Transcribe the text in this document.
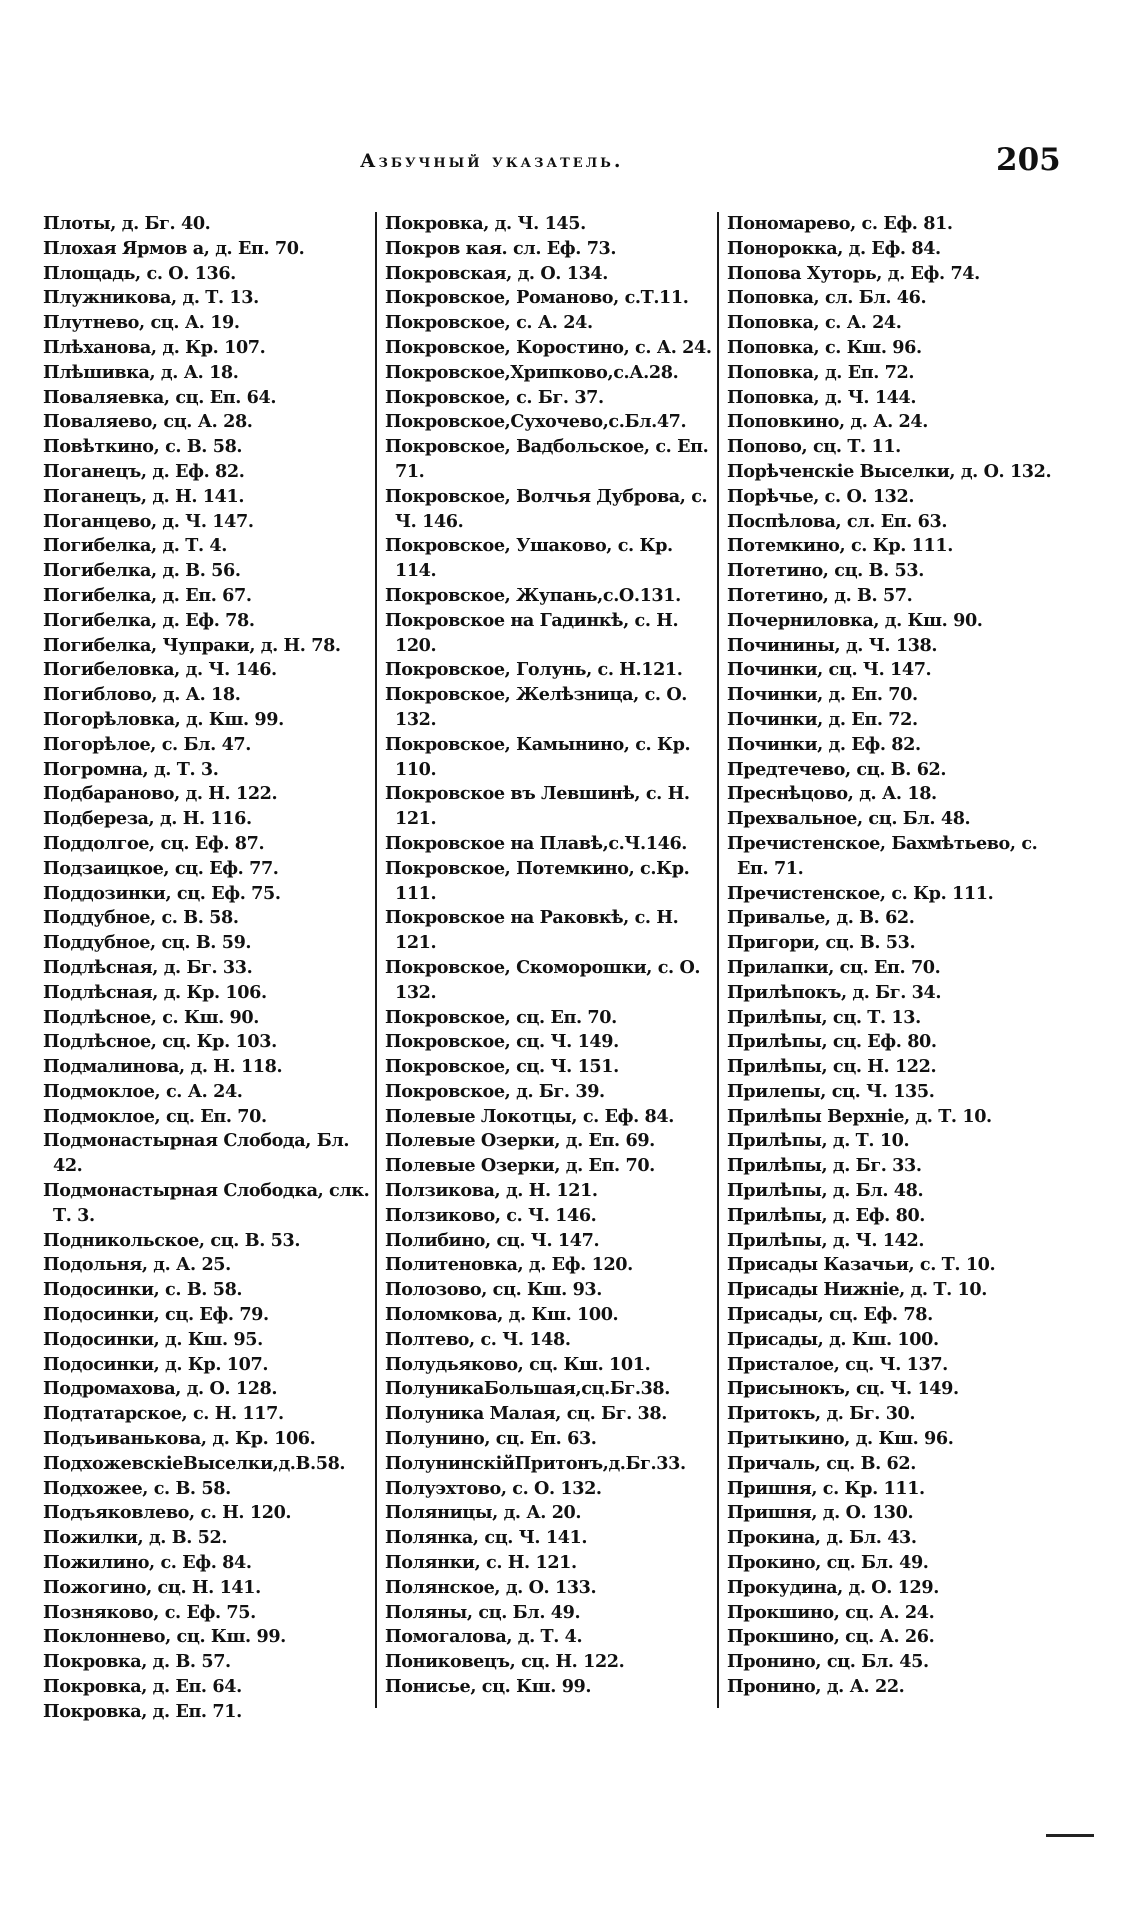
Азбучный указатель.	205

Плоты, д. Бг. 40.

Плохая Ярмов а, д. Еп. 70.

Площадь, с. О. 136.

Плужникова, д. Т. 13.

Плутнево, сц. А. 19.

Плѣханова, д. Кр. 107.

Плѣшивка, д. А. 18.

Поваляевка, сц. Еп. 64.

Поваляево, сц. А. 28.

Повѣткино, с. В. 58.

Поганецъ, д. Еф. 82.

Поганецъ, д. Н. 141.

Поганцево, д. Ч. 147.

Погибелка, д. Т. 4.

Погибелка, д. В. 56.

Погибелка, д. Еп. 67.

Погибелка, д. Еф. 78.

Погибелка, Чупраки, д. Н. 78.

Погибеловка, д. Ч. 146.

Погиблово, д. А. 18.

Погорѣловка, д. Кш. 99.

Погорѣлое, с. Бл. 47.

Погромна, д. Т. 3.

Подбараново, д. Н. 122.

Подбереза, д. Н. 116.

Поддолгое, сц. Еф. 87.

Подзаицкое, сц. Еф. 77.

Поддозинки, сц. Еф. 75.

Поддубное, с. В. 58.

Поддубное, сц. В. 59.

Подлѣсная, д. Бг. 33.

Подлѣсная, д. Кр. 106.

Подлѣсное, с. Кш. 90.

Подлѣсное, сц. Кр. 103.

Подмалинова, д. Н. 118.

Подмоклое, с. А. 24.

Подмоклое, сц. Еп. 70.

Подмонастырная Слобода, Бл. 42.

Подмонастырная Слободка, слк. Т. 3.

Подникольское, сц. В. 53.

Подольня, д. А. 25.

Подосинки, с. В. 58.

Подосинки, сц. Еф. 79.

Подосинки, д. Кш. 95.

Подосинки, д. Кр. 107.

Подромахова, д. О. 128.

Подтатарское, с. Н. 117.

Подъиванькова, д. Кр. 106.

ПодхожевскіеВыселки,д.В.58.

Подхожее, с. В. 58.

Подъяковлево, с. Н. 120.

Пожилки, д. В. 52.

Пожилино, с. Еф. 84.

Пожогино, сц. Н. 141.

Позняково, с. Еф. 75.

Поклоннево, сц. Кш. 99.

Покровка, д. В. 57.

Покровка, д. Еп. 64.

Покровка, д. Еп. 71.

Покровка, д. Ч. 145.

Покров кая. сл. Еф. 73.

Покровская, д. О. 134.

Покровское, Романово, с.Т.11.

Покровское, с. А. 24.

Покровское, Коростино, с. А. 24.

Покровское,Хрипково,с.А.28.

Покровское, с. Бг. 37.

Покровское,Сухочево,с.Бл.47.

Покровское, Вадбольское, с. Еп. 71.

Покровское, Волчья Дуброва, с. Ч. 146.

Покровское, Ушаково, с. Кр. 114.

Покровское, Жупань,с.О.131.

Покровское на Гадинкѣ, с. Н. 120.

Покровское, Голунь, с. Н.121.

Покровское, Желѣзница, с. О. 132.

Покровское, Камынино, с. Кр. 110.

Покровское въ Левшинѣ, с. Н. 121.

Покровское на Плавѣ,с.Ч.146.

Покровское, Потемкино, с.Кр. 111.

Покровское на Раковкѣ, с. Н. 121.

Покровское, Скоморошки, с. О. 132.

Покровское, сц. Еп. 70.

Покровское, сц. Ч. 149.

Покровское, сц. Ч. 151.

Покровское, д. Бг. 39.

Полевые Локотцы, с. Еф. 84.

Полевые Озерки, д. Еп. 69.

Полевые Озерки, д. Еп. 70.

Ползикова, д. Н. 121.

Ползиково, с. Ч. 146.

Полибино, сц. Ч. 147.

Политеновка, д. Еф. 120.

Полозово, сц. Кш. 93.

Поломкова, д. Кш. 100.

Полтево, с. Ч. 148.

Полудьяково, сц. Кш. 101.

ПолуникаБольшая,сц.Бг.38.

Полуника Малая, сц. Бг. 38.

Полунино, сц. Еп. 63.

ПолунинскійПритонъ,д.Бг.33.

Полуэхтово, с. О. 132.

Поляницы, д. А. 20.

Полянка, сц. Ч. 141.

Полянки, с. Н. 121.

Полянское, д. О. 133.

Поляны, сц. Бл. 49.

Помогалова, д. Т. 4.

Пониковецъ, сц. Н. 122.

Понисье, сц. Кш. 99.

Пономарево, с. Еф. 81.

Понорокка, д. Еф. 84.

Попова Хуторь, д. Еф. 74.

Поповка, сл. Бл. 46.

Поповка, с. А. 24.

Поповка, с. Кш. 96.

Поповка, д. Еп. 72.

Поповка, д. Ч. 144.

Поповкино, д. А. 24.

Попово, сц. Т. 11.

Порѣченскіе Выселки, д. О. 132.

Порѣчье, с. О. 132.

Поспѣлова, сл. Еп. 63.

Потемкино, с. Кр. 111.

Потетино, сц. В. 53.

Потетино, д. В. 57.

Почерниловка, д. Кш. 90.

Починины, д. Ч. 138.

Починки, сц. Ч. 147.

Починки, д. Еп. 70.

Починки, д. Еп. 72.

Починки, д. Еф. 82.

Предтечево, сц. В. 62.

Преснѣцово, д. А. 18.

Прехвальное, сц. Бл. 48.

Пречистенское, Бахмѣтьево, с. Еп. 71.

Пречистенское, с. Кр. 111.

Привалье, д. В. 62.

Пригори, сц. В. 53.

Прилапки, сц. Еп. 70.

Прилѣпокъ, д. Бг. 34.

Прилѣпы, сц. Т. 13.

Прилѣпы, сц. Еф. 80.

Прилѣпы, сц. Н. 122.

Прилепы, сц. Ч. 135.

Прилѣпы Верхніе, д. Т. 10.

Прилѣпы, д. Т. 10.

Прилѣпы, д. Бг. 33.

Прилѣпы, д. Бл. 48.

Прилѣпы, д. Еф. 80.

Прилѣпы, д. Ч. 142.

Присады Казачьи, с. Т. 10.

Присады Нижніе, д. Т. 10.

Присады, сц. Еф. 78.

Присады, д. Кш. 100.

Присталое, сц. Ч. 137.

Присынокъ, сц. Ч. 149.

Притокъ, д. Бг. 30.

Притыкино, д. Кш. 96.

Причаль, сц. В. 62.

Пришня, с. Кр. 111.

Пришня, д. О. 130.

Прокина, д. Бл. 43.

Прокино, сц. Бл. 49.

Прокудина, д. О. 129.

Прокшино, сц. А. 24.

Прокшино, сц. А. 26.

Пронино, сц. Бл. 45.

Пронино, д. А. 22.
